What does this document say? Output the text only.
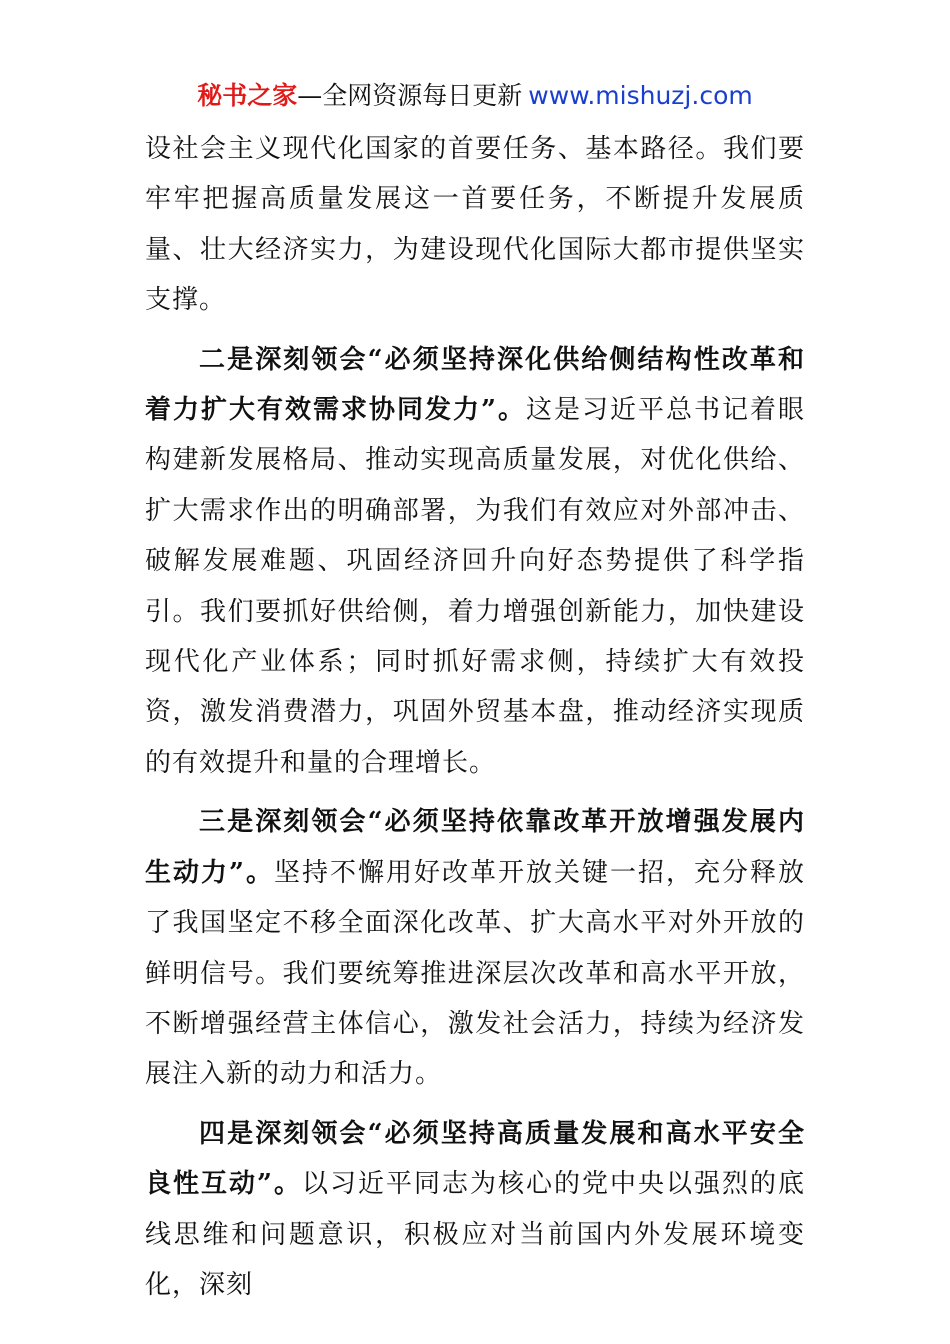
秘书之家—全网资源每日更新 www.mishuzj.com

设社会主义现代化国家的首要任务、基本路径。我们要牢牢把握高质量发展这一首要任务，不断提升发展质量、壮大经济实力，为建设现代化国际大都市提供坚实支撑。

二是深刻领会“必须坚持深化供给侧结构性改革和着力扩大有效需求协同发力”。这是习近平总书记着眼构建新发展格局、推动实现高质量发展，对优化供给、扩大需求作出的明确部署，为我们有效应对外部冲击、破解发展难题、巩固经济回升向好态势提供了科学指引。我们要抓好供给侧，着力增强创新能力，加快建设现代化产业体系；同时抓好需求侧，持续扩大有效投资，激发消费潜力，巩固外贸基本盘，推动经济实现质的有效提升和量的合理增长。

三是深刻领会“必须坚持依靠改革开放增强发展内生动力”。坚持不懈用好改革开放关键一招，充分释放了我国坚定不移全面深化改革、扩大高水平对外开放的鲜明信号。我们要统筹推进深层次改革和高水平开放，不断增强经营主体信心，激发社会活力，持续为经济发展注入新的动力和活力。

四是深刻领会“必须坚持高质量发展和高水平安全良性互动”。以习近平同志为核心的党中央以强烈的底线思维和问题意识，积极应对当前国内外发展环境变化，深刻
